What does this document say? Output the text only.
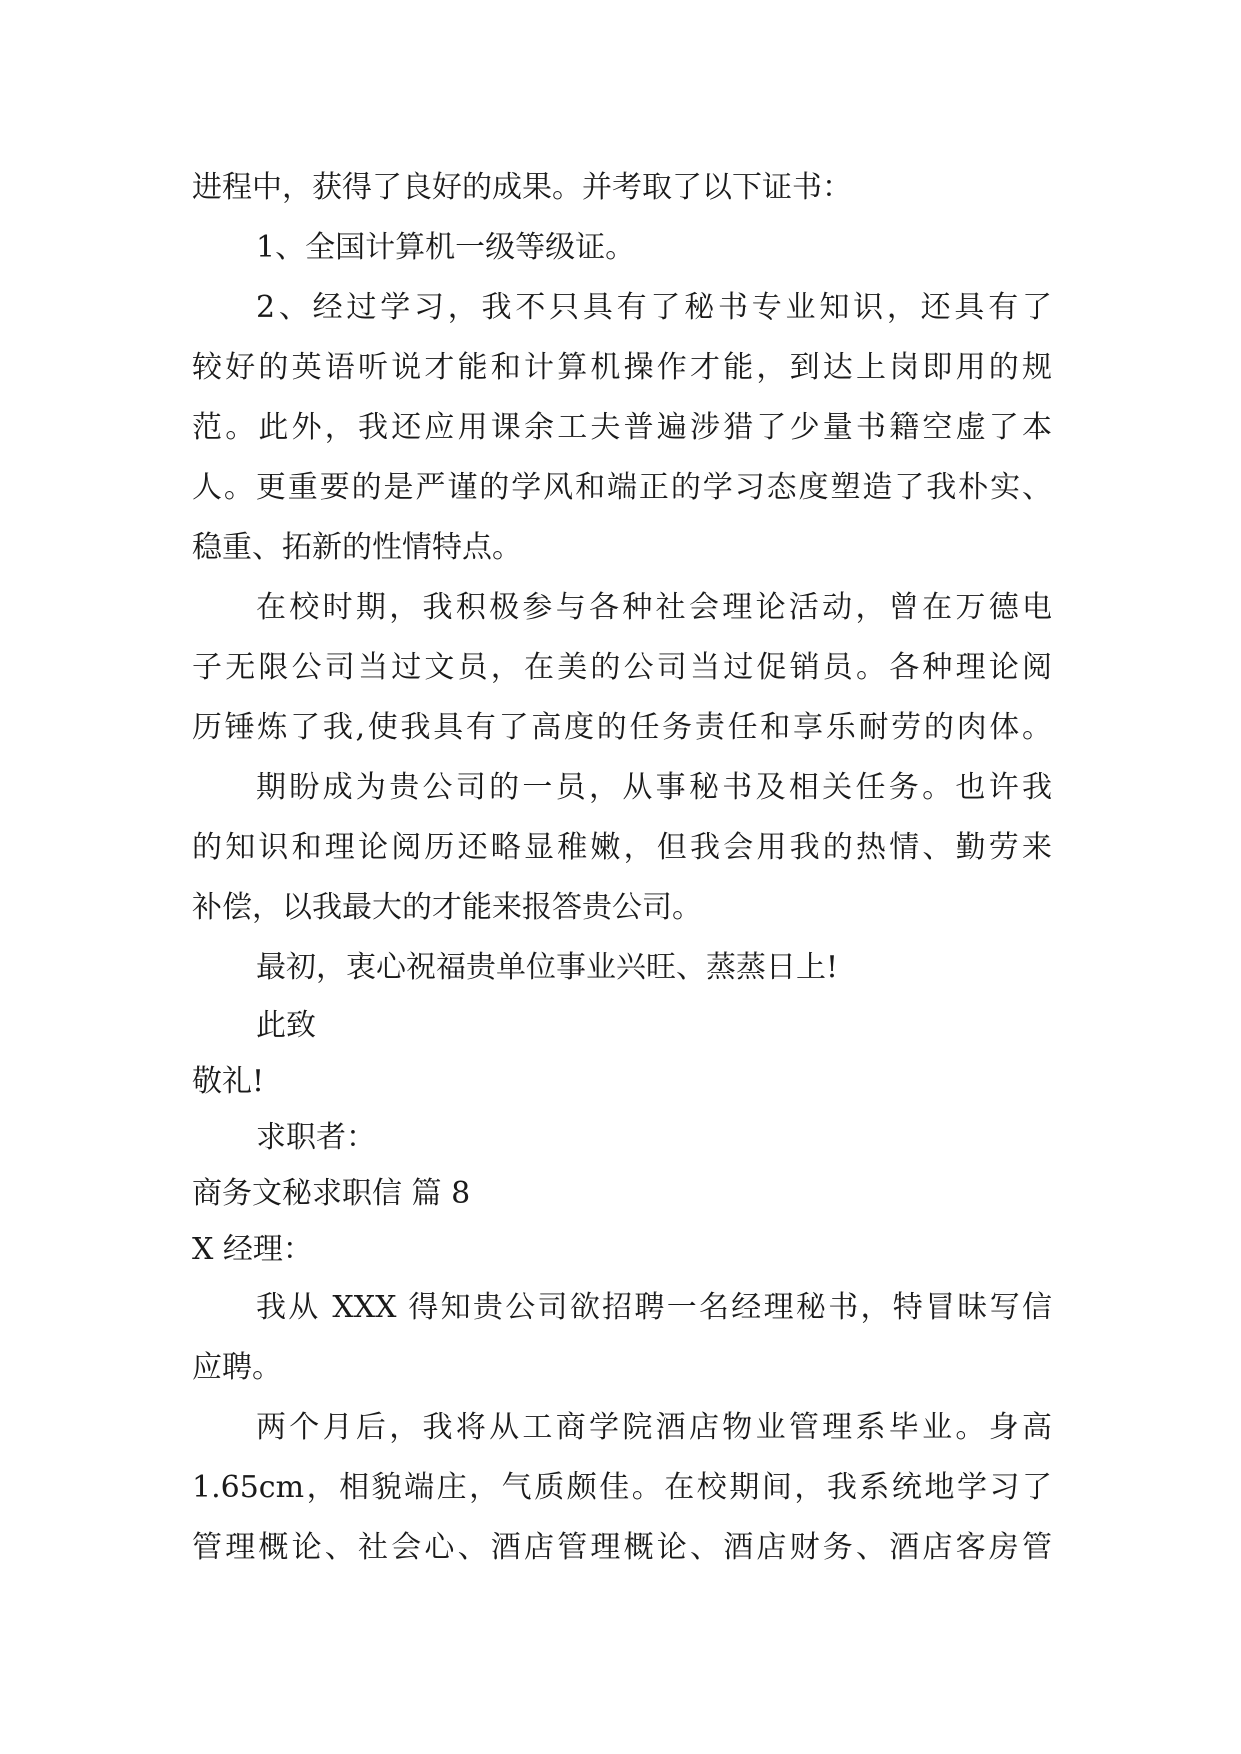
进程中，获得了良好的成果。并考取了以下证书：
1、全国计算机一级等级证。
2、经过学习，我不只具有了秘书专业知识，还具有了
较好的英语听说才能和计算机操作才能，到达上岗即用的规
范。此外，我还应用课余工夫普遍涉猎了少量书籍空虚了本
人。更重要的是严谨的学风和端正的学习态度塑造了我朴实、
稳重、拓新的性情特点。
在校时期，我积极参与各种社会理论活动，曾在万德电
子无限公司当过文员，在美的公司当过促销员。各种理论阅
历锤炼了我,使我具有了高度的任务责任和享乐耐劳的肉体。
期盼成为贵公司的一员，从事秘书及相关任务。也许我
的知识和理论阅历还略显稚嫩，但我会用我的热情、勤劳来
补偿，以我最大的才能来报答贵公司。
最初，衷心祝福贵单位事业兴旺、蒸蒸日上!
此致
敬礼!
求职者：
商务文秘求职信 篇 8
X 经理：
我从 XXX 得知贵公司欲招聘一名经理秘书，特冒昧写信
应聘。
两个月后，我将从工商学院酒店物业管理系毕业。身高
1.65cm，相貌端庄，气质颇佳。在校期间，我系统地学习了
管理概论、社会心、酒店管理概论、酒店财务、酒店客房管
